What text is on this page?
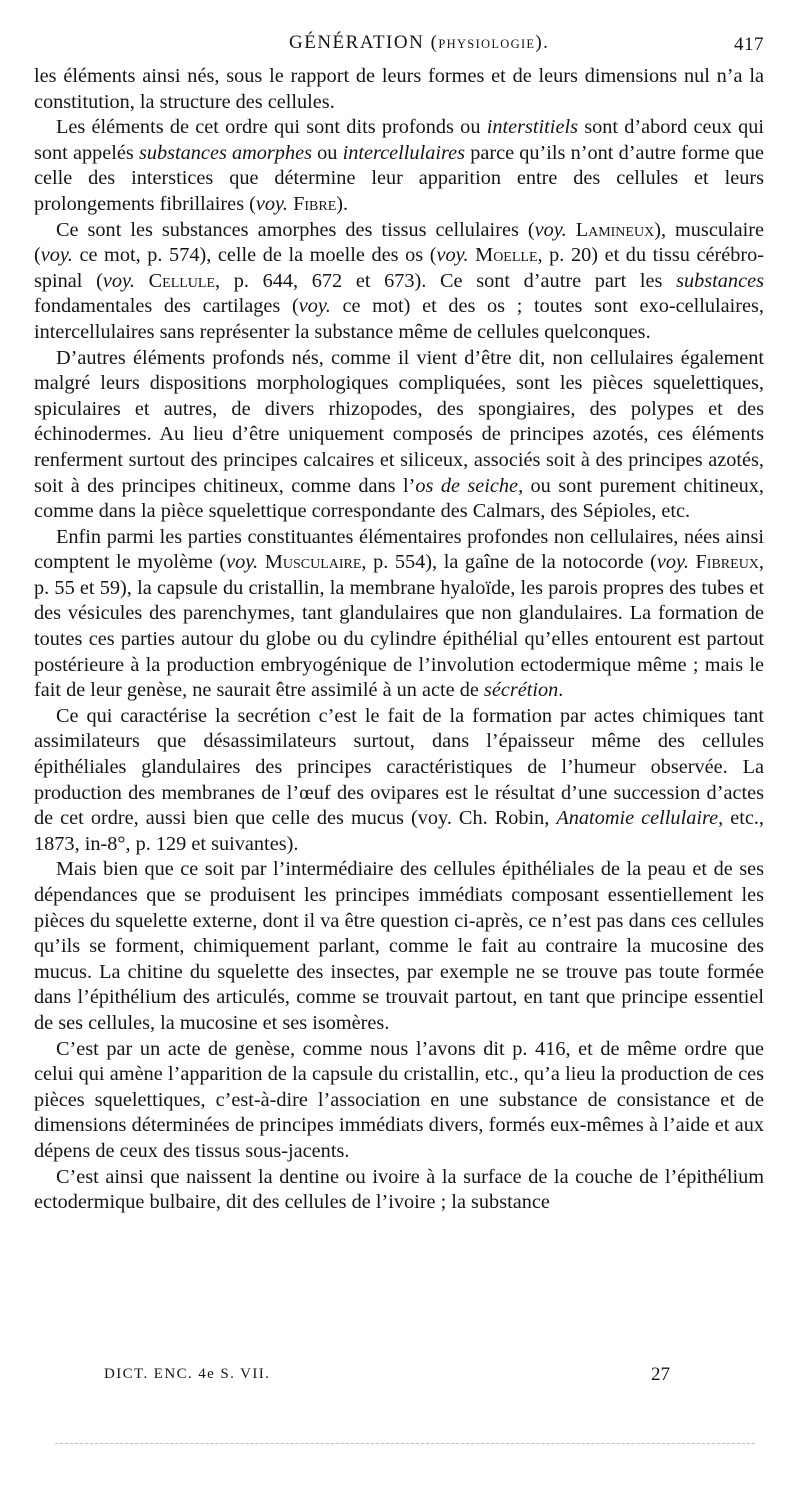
GÉNÉRATION (PHYSIOLOGIE).	417

les éléments ainsi nés, sous le rapport de leurs formes et de leurs dimensions nul n’a la constitution, la structure des cellules.

Les éléments de cet ordre qui sont dits profonds ou interstitiels sont d’abord ceux qui sont appelés substances amorphes ou intercellulaires parce qu’ils n’ont d’autre forme que celle des interstices que détermine leur apparition entre des cellules et leurs prolongements fibrillaires (voy. Fibre).

Ce sont les substances amorphes des tissus cellulaires (voy. Lamineux), musculaire (voy. ce mot, p. 574), celle de la moelle des os (voy. Moelle, p. 20) et du tissu cérébro-spinal (voy. Cellule, p. 644, 672 et 673). Ce sont d’autre part les substances fondamentales des cartilages (voy. ce mot) et des os ; toutes sont exo-cellulaires, intercellulaires sans représenter la substance même de cellules quelconques.

D’autres éléments profonds nés, comme il vient d’être dit, non cellulaires également malgré leurs dispositions morphologiques compliquées, sont les pièces squelettiques, spiculaires et autres, de divers rhizopodes, des spongiaires, des polypes et des échinodermes. Au lieu d’être uniquement composés de principes azotés, ces éléments renferment surtout des principes calcaires et siliceux, associés soit à des principes azotés, soit à des principes chitineux, comme dans l’os de seiche, ou sont purement chitineux, comme dans la pièce squelettique correspondante des Calmars, des Sépioles, etc.

Enfin parmi les parties constituantes élémentaires profondes non cellulaires, nées ainsi comptent le myolème (voy. Musculaire, p. 554), la gaîne de la notocorde (voy. Fibreux, p. 55 et 59), la capsule du cristallin, la membrane hyaloïde, les parois propres des tubes et des vésicules des parenchymes, tant glandulaires que non glandulaires. La formation de toutes ces parties autour du globe ou du cylindre épithélial qu’elles entourent est partout postérieure à la production embryogénique de l’involution ectodermique même ; mais le fait de leur genèse, ne saurait être assimilé à un acte de sécrétion.

Ce qui caractérise la secrétion c’est le fait de la formation par actes chimiques tant assimilateurs que désassimilateurs surtout, dans l’épaisseur même des cellules épithéliales glandulaires des principes caractéristiques de l’humeur observée. La production des membranes de l’œuf des ovipares est le résultat d’une succession d’actes de cet ordre, aussi bien que celle des mucus (voy. Ch. Robin, Anatomie cellulaire, etc., 1873, in-8°, p. 129 et suivantes).

Mais bien que ce soit par l’intermédiaire des cellules épithéliales de la peau et de ses dépendances que se produisent les principes immédiats composant essentiellement les pièces du squelette externe, dont il va être question ci-après, ce n’est pas dans ces cellules qu’ils se forment, chimiquement parlant, comme le fait au contraire la mucosine des mucus. La chitine du squelette des insectes, par exemple ne se trouve pas toute formée dans l’épithélium des articulés, comme se trouvait partout, en tant que principe essentiel de ses cellules, la mucosine et ses isomères.

C’est par un acte de genèse, comme nous l’avons dit p. 416, et de même ordre que celui qui amène l’apparition de la capsule du cristallin, etc., qu’a lieu la production de ces pièces squelettiques, c’est-à-dire l’association en une substance de consistance et de dimensions déterminées de principes immédiats divers, formés eux-mêmes à l’aide et aux dépens de ceux des tissus sous-jacents.

C’est ainsi que naissent la dentine ou ivoire à la surface de la couche de l’épithélium ectodermique bulbaire, dit des cellules de l’ivoire ; la substance

DICT. ENC. 4e S. VII.	27
